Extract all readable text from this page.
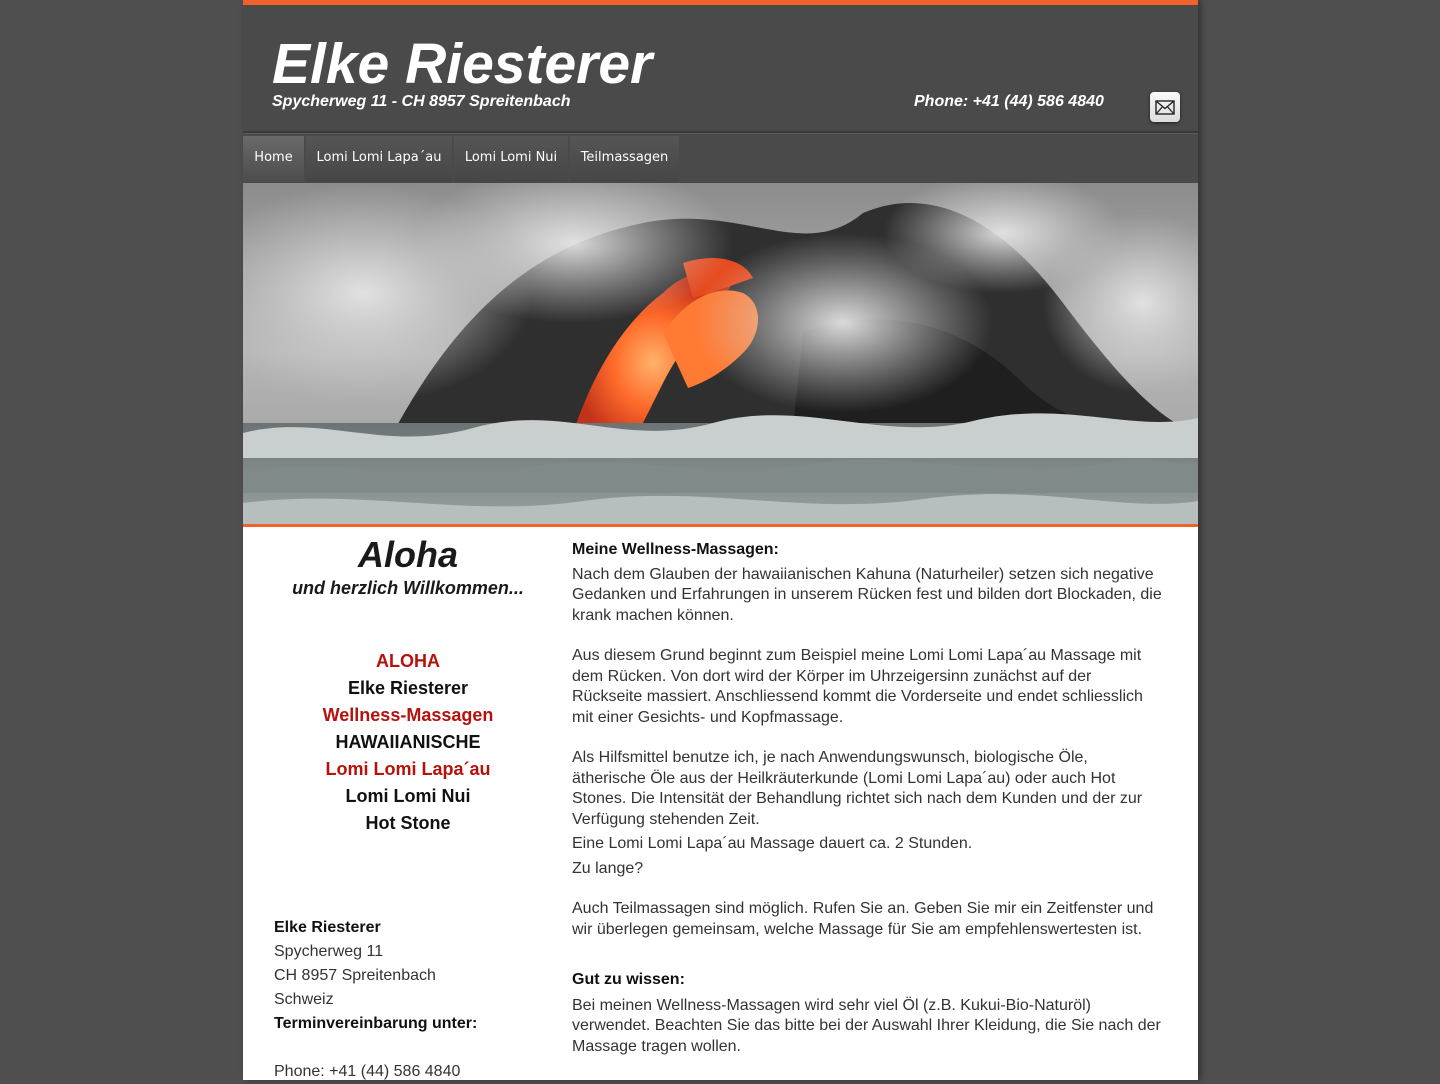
Elke Riesterer
Spycherweg 11 - CH 8957 Spreitenbach	Phone: +41 (44) 586 4840
Home	Lomi Lomi Lapa´au	Lomi Lomi Nui	Teilmassagen
Aloha
und herzlich Willkommen...
ALOHA
Elke Riesterer
Wellness-Massagen
HAWAIIANISCHE
Lomi Lomi Lapa´au
Lomi Lomi Nui
Hot Stone
Elke Riesterer
Spycherweg 11
CH 8957 Spreitenbach
Schweiz
Terminvereinbarung unter:
Phone: +41 (44) 586 4840

Meine Wellness-Massagen:

Nach dem Glauben der hawaiianischen Kahuna (Naturheiler) setzen sich negative Gedanken und Erfahrungen in unserem Rücken fest und bilden dort Blockaden, die krank machen können.

Aus diesem Grund beginnt zum Beispiel meine Lomi Lomi Lapa´au Massage mit dem Rücken. Von dort wird der Körper im Uhrzeigersinn zunächst auf der Rückseite massiert. Anschliessend kommt die Vorderseite und endet schliesslich mit einer Gesichts- und Kopfmassage.

Als Hilfsmittel benutze ich, je nach Anwendungswunsch, biologische Öle, ätherische Öle aus der Heilkräuterkunde (Lomi Lomi Lapa´au) oder auch Hot Stones. Die Intensität der Behandlung richtet sich nach dem Kunden und der zur Verfügung stehenden Zeit.

Eine Lomi Lomi Lapa´au Massage dauert ca. 2 Stunden.

Zu lange?

Auch Teilmassagen sind möglich. Rufen Sie an. Geben Sie mir ein Zeitfenster und wir überlegen gemeinsam, welche Massage für Sie am empfehlenswertesten ist.

Gut zu wissen:

Bei meinen Wellness-Massagen wird sehr viel Öl (z.B. Kukui-Bio-Naturöl) verwendet. Beachten Sie das bitte bei der Auswahl Ihrer Kleidung, die Sie nach der Massage tragen wollen.
